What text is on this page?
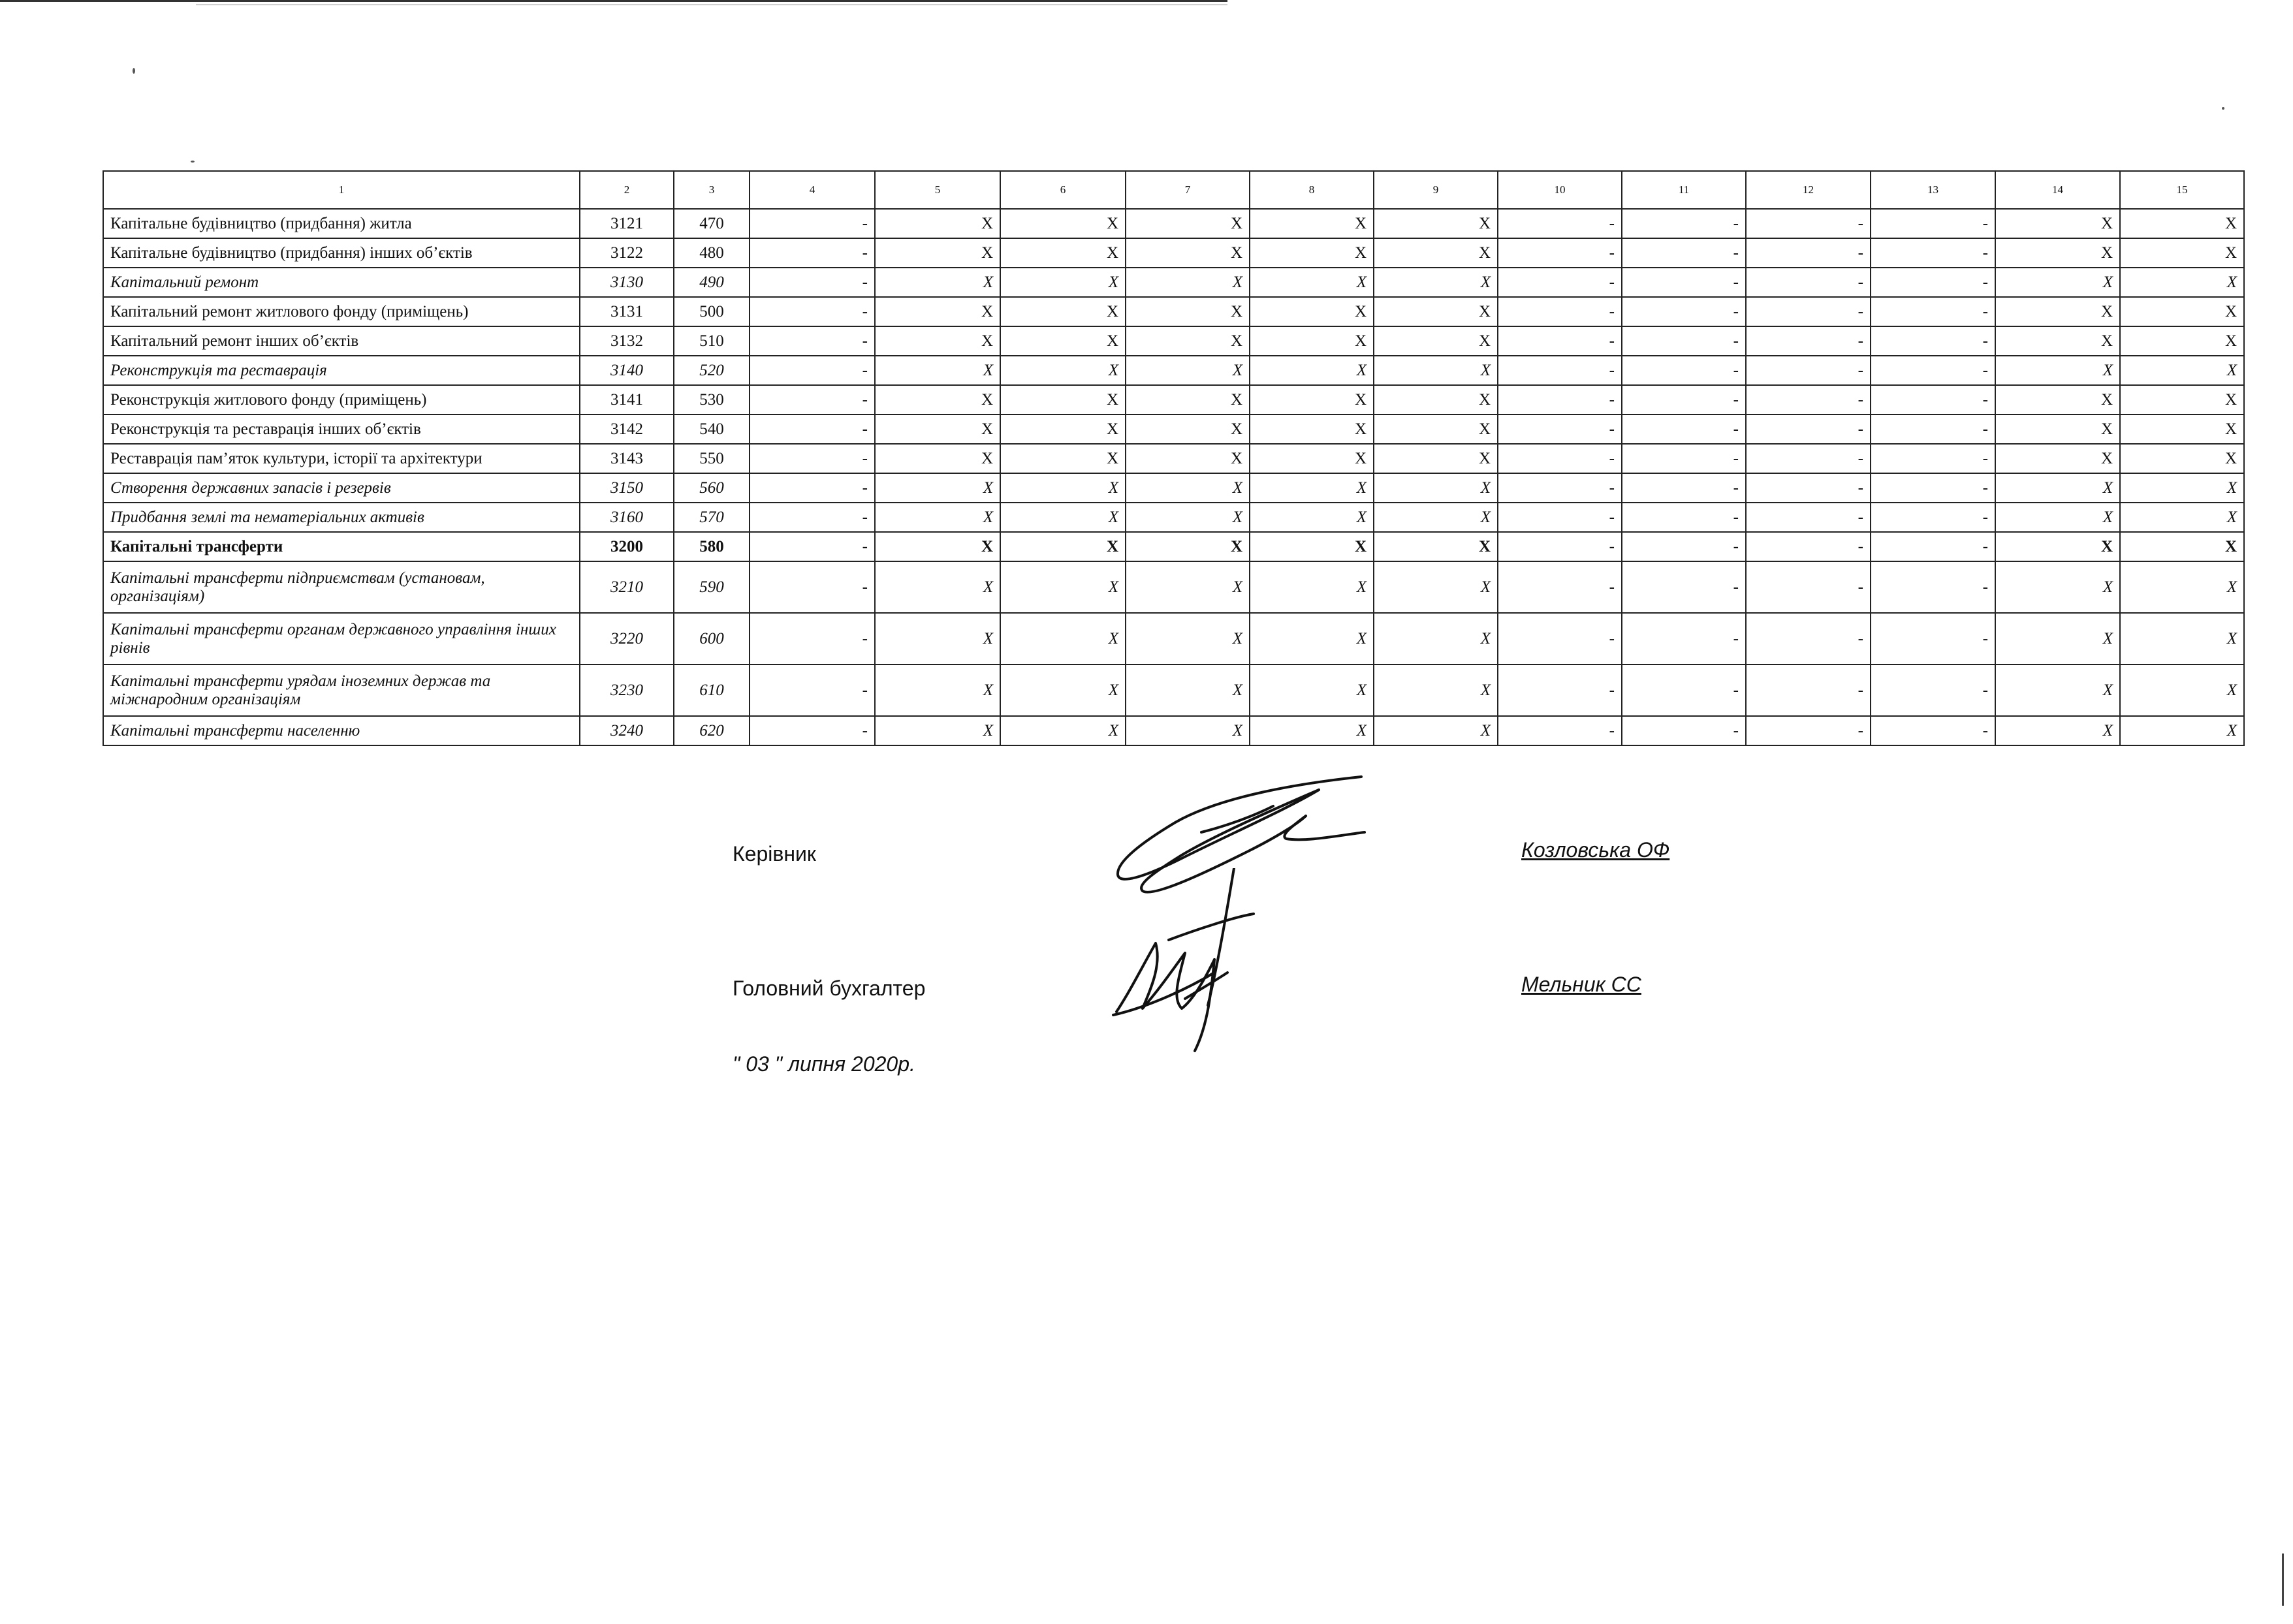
1	2	3	4	5	6	7	8	9	10	11	12	13	14	15
Капітальне будівництво (придбання) житла	3121	470	-	X	X	X	X	X	-	-	-	-	X	X
Капітальне будівництво (придбання) інших об’єктів	3122	480	-	X	X	X	X	X	-	-	-	-	X	X
Капітальний ремонт	3130	490	-	X	X	X	X	X	-	-	-	-	X	X
Капітальний ремонт житлового фонду (приміщень)	3131	500	-	X	X	X	X	X	-	-	-	-	X	X
Капітальний ремонт інших об’єктів	3132	510	-	X	X	X	X	X	-	-	-	-	X	X
Реконструкція та реставрація	3140	520	-	X	X	X	X	X	-	-	-	-	X	X
Реконструкція житлового фонду (приміщень)	3141	530	-	X	X	X	X	X	-	-	-	-	X	X
Реконструкція та реставрація інших об’єктів	3142	540	-	X	X	X	X	X	-	-	-	-	X	X
Реставрація пам’яток культури, історії та архітектури	3143	550	-	X	X	X	X	X	-	-	-	-	X	X
Створення державних запасів і резервів	3150	560	-	X	X	X	X	X	-	-	-	-	X	X
Придбання землі та нематеріальних активів	3160	570	-	X	X	X	X	X	-	-	-	-	X	X
Капітальні трансферти	3200	580	-	X	X	X	X	X	-	-	-	-	X	X
Капітальні трансферти підприємствам (установам, організаціям)	3210	590	-	X	X	X	X	X	-	-	-	-	X	X
Капітальні трансферти органам державного управління інших рівнів	3220	600	-	X	X	X	X	X	-	-	-	-	X	X
Капітальні трансферти урядам іноземних держав та міжнародним організаціям	3230	610	-	X	X	X	X	X	-	-	-	-	X	X
Капітальні трансферти населенню	3240	620	-	X	X	X	X	X	-	-	-	-	X	X
Керівник	Козловська ОФ
Головний бухгалтер	Мельник СС
" 03 " липня 2020р.
